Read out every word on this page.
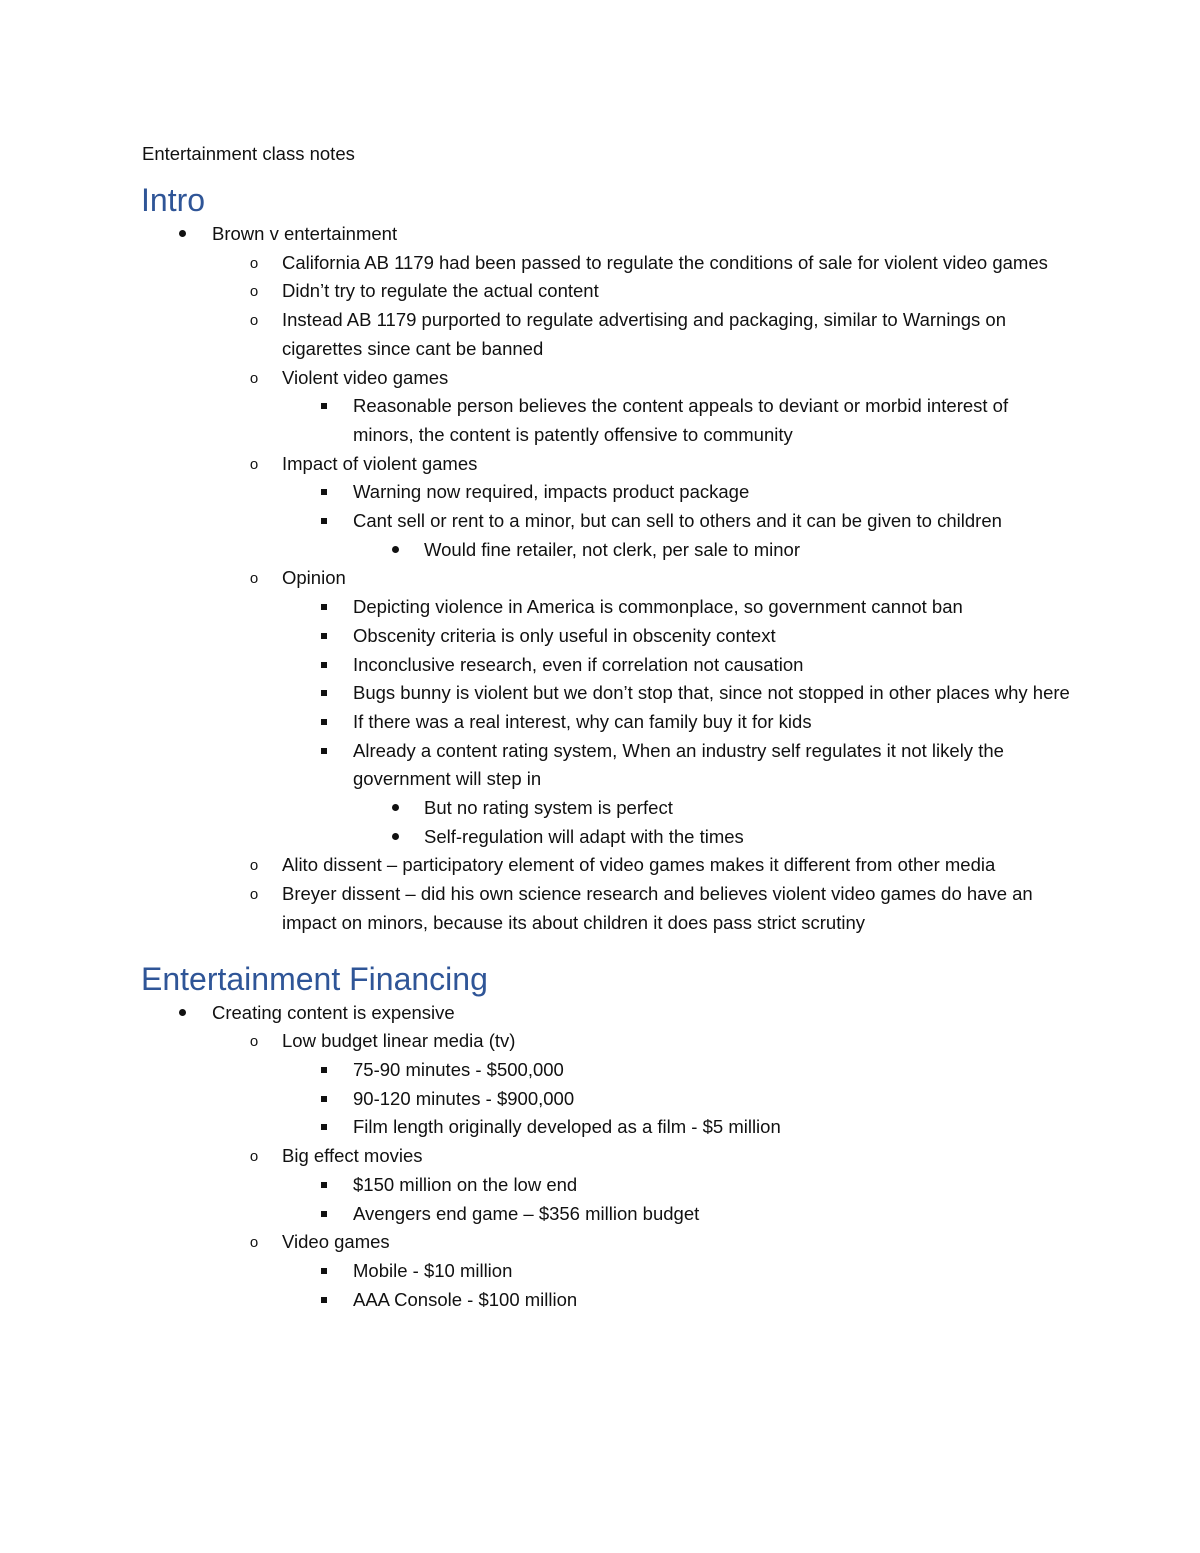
Entertainment class notes
Intro
Brown v entertainment
o California AB 1179 had been passed to regulate the conditions of sale for violent video games
o Didn’t try to regulate the actual content
o Instead AB 1179 purported to regulate advertising and packaging, similar to Warnings on cigarettes since cant be banned
o Violent video games
Reasonable person believes the content appeals to deviant or morbid interest of minors, the content is patently offensive to community
o Impact of violent games
Warning now required, impacts product package
Cant sell or rent to a minor, but can sell to others and it can be given to children
Would fine retailer, not clerk, per sale to minor
o Opinion
Depicting violence in America is commonplace, so government cannot ban
Obscenity criteria is only useful in obscenity context
Inconclusive research, even if correlation not causation
Bugs bunny is violent but we don’t stop that, since not stopped in other places why here
If there was a real interest, why can family buy it for kids
Already a content rating system, When an industry self regulates it not likely the government will step in
But no rating system is perfect
Self-regulation will adapt with the times
o Alito dissent – participatory element of video games makes it different from other media
o Breyer dissent – did his own science research and believes violent video games do have an impact on minors, because its about children it does pass strict scrutiny
Entertainment Financing
Creating content is expensive
o Low budget linear media (tv)
75-90 minutes - $500,000
90-120 minutes - $900,000
Film length originally developed as a film - $5 million
o Big effect movies
$150 million on the low end
Avengers end game – $356 million budget
o Video games
Mobile - $10 million
AAA Console - $100 million
